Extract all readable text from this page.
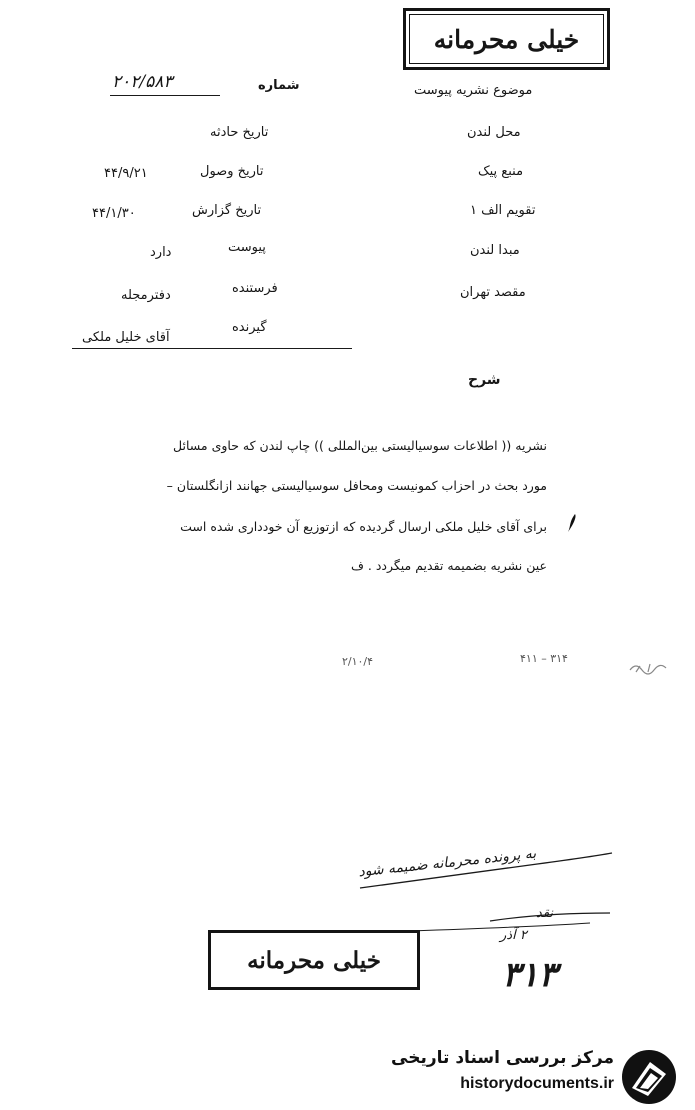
خیلی محرمانه
شماره
۲۰۲/۵۸۳
تاریخ حادثه
تاریخ وصول
۴۴/۹/۲۱
تاریخ گزارش
۴۴/۱/۳۰
پیوست
دارد
فرستنده
دفترمجله
گیرنده
آقای خلیل ملکی
موضوع نشریه پیوست
محل لندن
منبع پیک
تقویم الف ۱
مبدا لندن
مقصد تهران
شرح
نشریه (( اطلاعات سوسیالیستی بین‌المللی )) چاپ لندن که حاوی مسائل
مورد بحث در احزاب کمونیست ومحافل سوسیالیستی جهانند ازانگلستان –
برای آقای خلیل ملکی ارسال گردیده که ازتوزیع آن خودداری شده است
عین نشریه بضمیمه تقدیم میگردد . ف
۲/۱۰/۴	۳۱۴ – ۴۱۱
به پرونده محرمانه ضمیمه شود
نقد
۲ آذر
۳۱۳
خیلی محرمانه
مرکز بررسی اسناد تاریخی
historydocuments.ir
